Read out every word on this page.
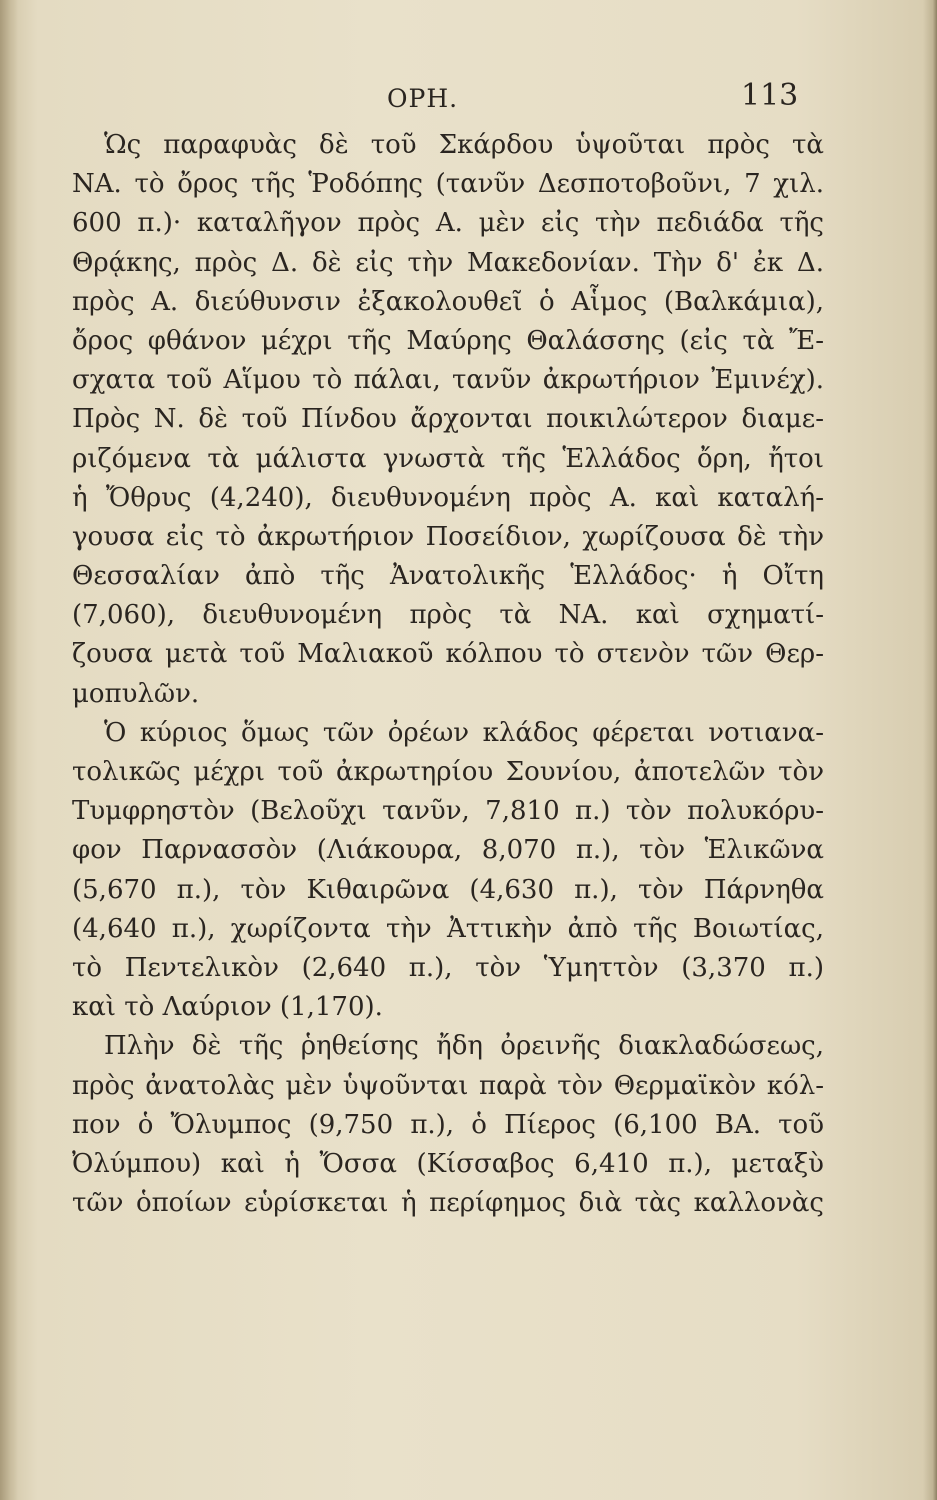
ΟΡΗ.	113
Ὡς παραφυὰς δὲ τοῦ Σκάρδου ὑψοῦται πρὸς τὰ
ΝΑ. τὸ ὄρος τῆς Ῥοδόπης (τανῦν Δεσποτοβοῦνι, 7 χιλ.
600 π.)· καταλῆγον πρὸς Α. μὲν εἰς τὴν πεδιάδα τῆς
Θρᾴκης, πρὸς Δ. δὲ εἰς τὴν Μακεδονίαν. Τὴν δ' ἐκ Δ.
πρὸς Α. διεύθυνσιν ἐξακολουθεῖ ὁ Αἷμος (Βαλκάμια),
ὄρος φθάνον μέχρι τῆς Μαύρης Θαλάσσης (εἰς τὰ Ἔ-
σχατα τοῦ Αἵμου τὸ πάλαι, τανῦν ἀκρωτήριον Ἐμινέχ).
Πρὸς Ν. δὲ τοῦ Πίνδου ἄρχονται ποικιλώτερον διαμε-
ριζόμενα τὰ μάλιστα γνωστὰ τῆς Ἑλλάδος ὄρη, ἤτοι
ἡ Ὄθρυς (4,240), διευθυνομένη πρὸς Α. καὶ καταλή-
γουσα εἰς τὸ ἀκρωτήριον Ποσείδιον, χωρίζουσα δὲ τὴν
Θεσσαλίαν ἀπὸ τῆς Ἀνατολικῆς Ἑλλάδος· ἡ Οἴτη
(7,060), διευθυνομένη πρὸς τὰ ΝΑ. καὶ σχηματί-
ζουσα μετὰ τοῦ Μαλιακοῦ κόλπου τὸ στενὸν τῶν Θερ-
μοπυλῶν.
Ὁ κύριος ὅμως τῶν ὀρέων κλάδος φέρεται νοτιανα-
τολικῶς μέχρι τοῦ ἀκρωτηρίου Σουνίου, ἀποτελῶν τὸν
Τυμφρηστὸν (Βελοῦχι τανῦν, 7,810 π.) τὸν πολυκόρυ-
φον Παρνασσὸν (Λιάκουρα, 8,070 π.), τὸν Ἑλικῶνα
(5,670 π.), τὸν Κιθαιρῶνα (4,630 π.), τὸν Πάρνηθα
(4,640 π.), χωρίζοντα τὴν Ἀττικὴν ἀπὸ τῆς Βοιωτίας,
τὸ Πεντελικὸν (2,640 π.), τὸν Ὑμηττὸν (3,370 π.)
καὶ τὸ Λαύριον (1,170).
Πλὴν δὲ τῆς ῥηθείσης ἤδη ὀρεινῆς διακλαδώσεως,
πρὸς ἀνατολὰς μὲν ὑψοῦνται παρὰ τὸν Θερμαϊκὸν κόλ-
πον ὁ Ὄλυμπος (9,750 π.), ὁ Πίερος (6,100 ΒΑ. τοῦ
Ὀλύμπου) καὶ ἡ Ὄσσα (Κίσσαβος 6,410 π.), μεταξὺ
τῶν ὁποίων εὑρίσκεται ἡ περίφημος διὰ τὰς καλλονὰς
